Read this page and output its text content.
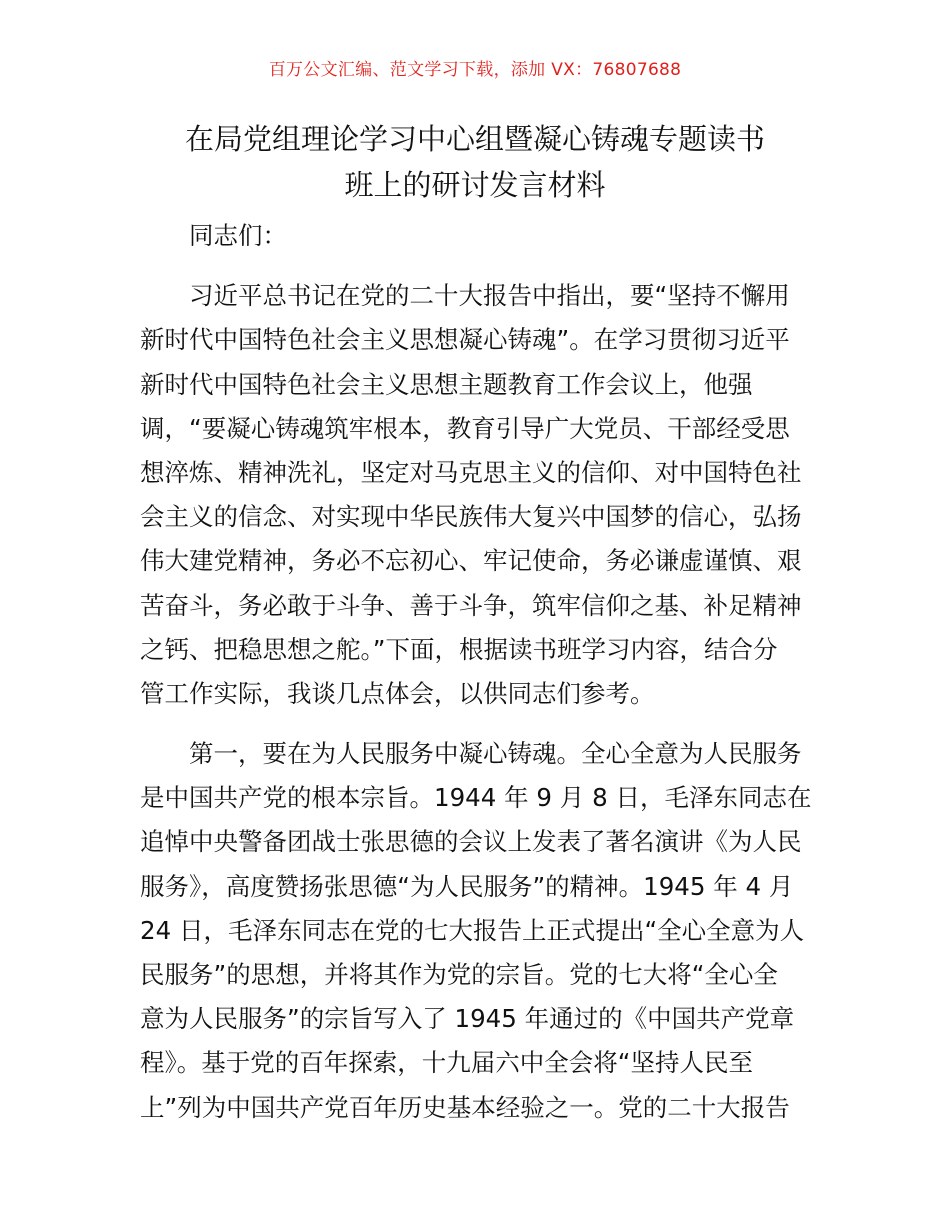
百万公文汇编、范文学习下载，添加 VX：76807688
在局党组理论学习中心组暨凝心铸魂专题读书
班上的研讨发言材料
同志们：
习近平总书记在党的二十大报告中指出，要“坚持不懈用
新时代中国特色社会主义思想凝心铸魂”。在学习贯彻习近平
新时代中国特色社会主义思想主题教育工作会议上，他强
调，“要凝心铸魂筑牢根本，教育引导广大党员、干部经受思
想淬炼、精神洗礼，坚定对马克思主义的信仰、对中国特色社
会主义的信念、对实现中华民族伟大复兴中国梦的信心，弘扬
伟大建党精神，务必不忘初心、牢记使命，务必谦虚谨慎、艰
苦奋斗，务必敢于斗争、善于斗争，筑牢信仰之基、补足精神
之钙、把稳思想之舵。”下面，根据读书班学习内容，结合分
管工作实际，我谈几点体会，以供同志们参考。
第一，要在为人民服务中凝心铸魂。全心全意为人民服务
是中国共产党的根本宗旨。1944 年 9 月 8 日，毛泽东同志在
追悼中央警备团战士张思德的会议上发表了著名演讲《为人民
服务》，高度赞扬张思德“为人民服务”的精神。1945 年 4 月
24 日，毛泽东同志在党的七大报告上正式提出“全心全意为人
民服务”的思想，并将其作为党的宗旨。党的七大将“全心全
意为人民服务”的宗旨写入了 1945 年通过的《中国共产党章
程》。基于党的百年探索，十九届六中全会将“坚持人民至
上”列为中国共产党百年历史基本经验之一。党的二十大报告
